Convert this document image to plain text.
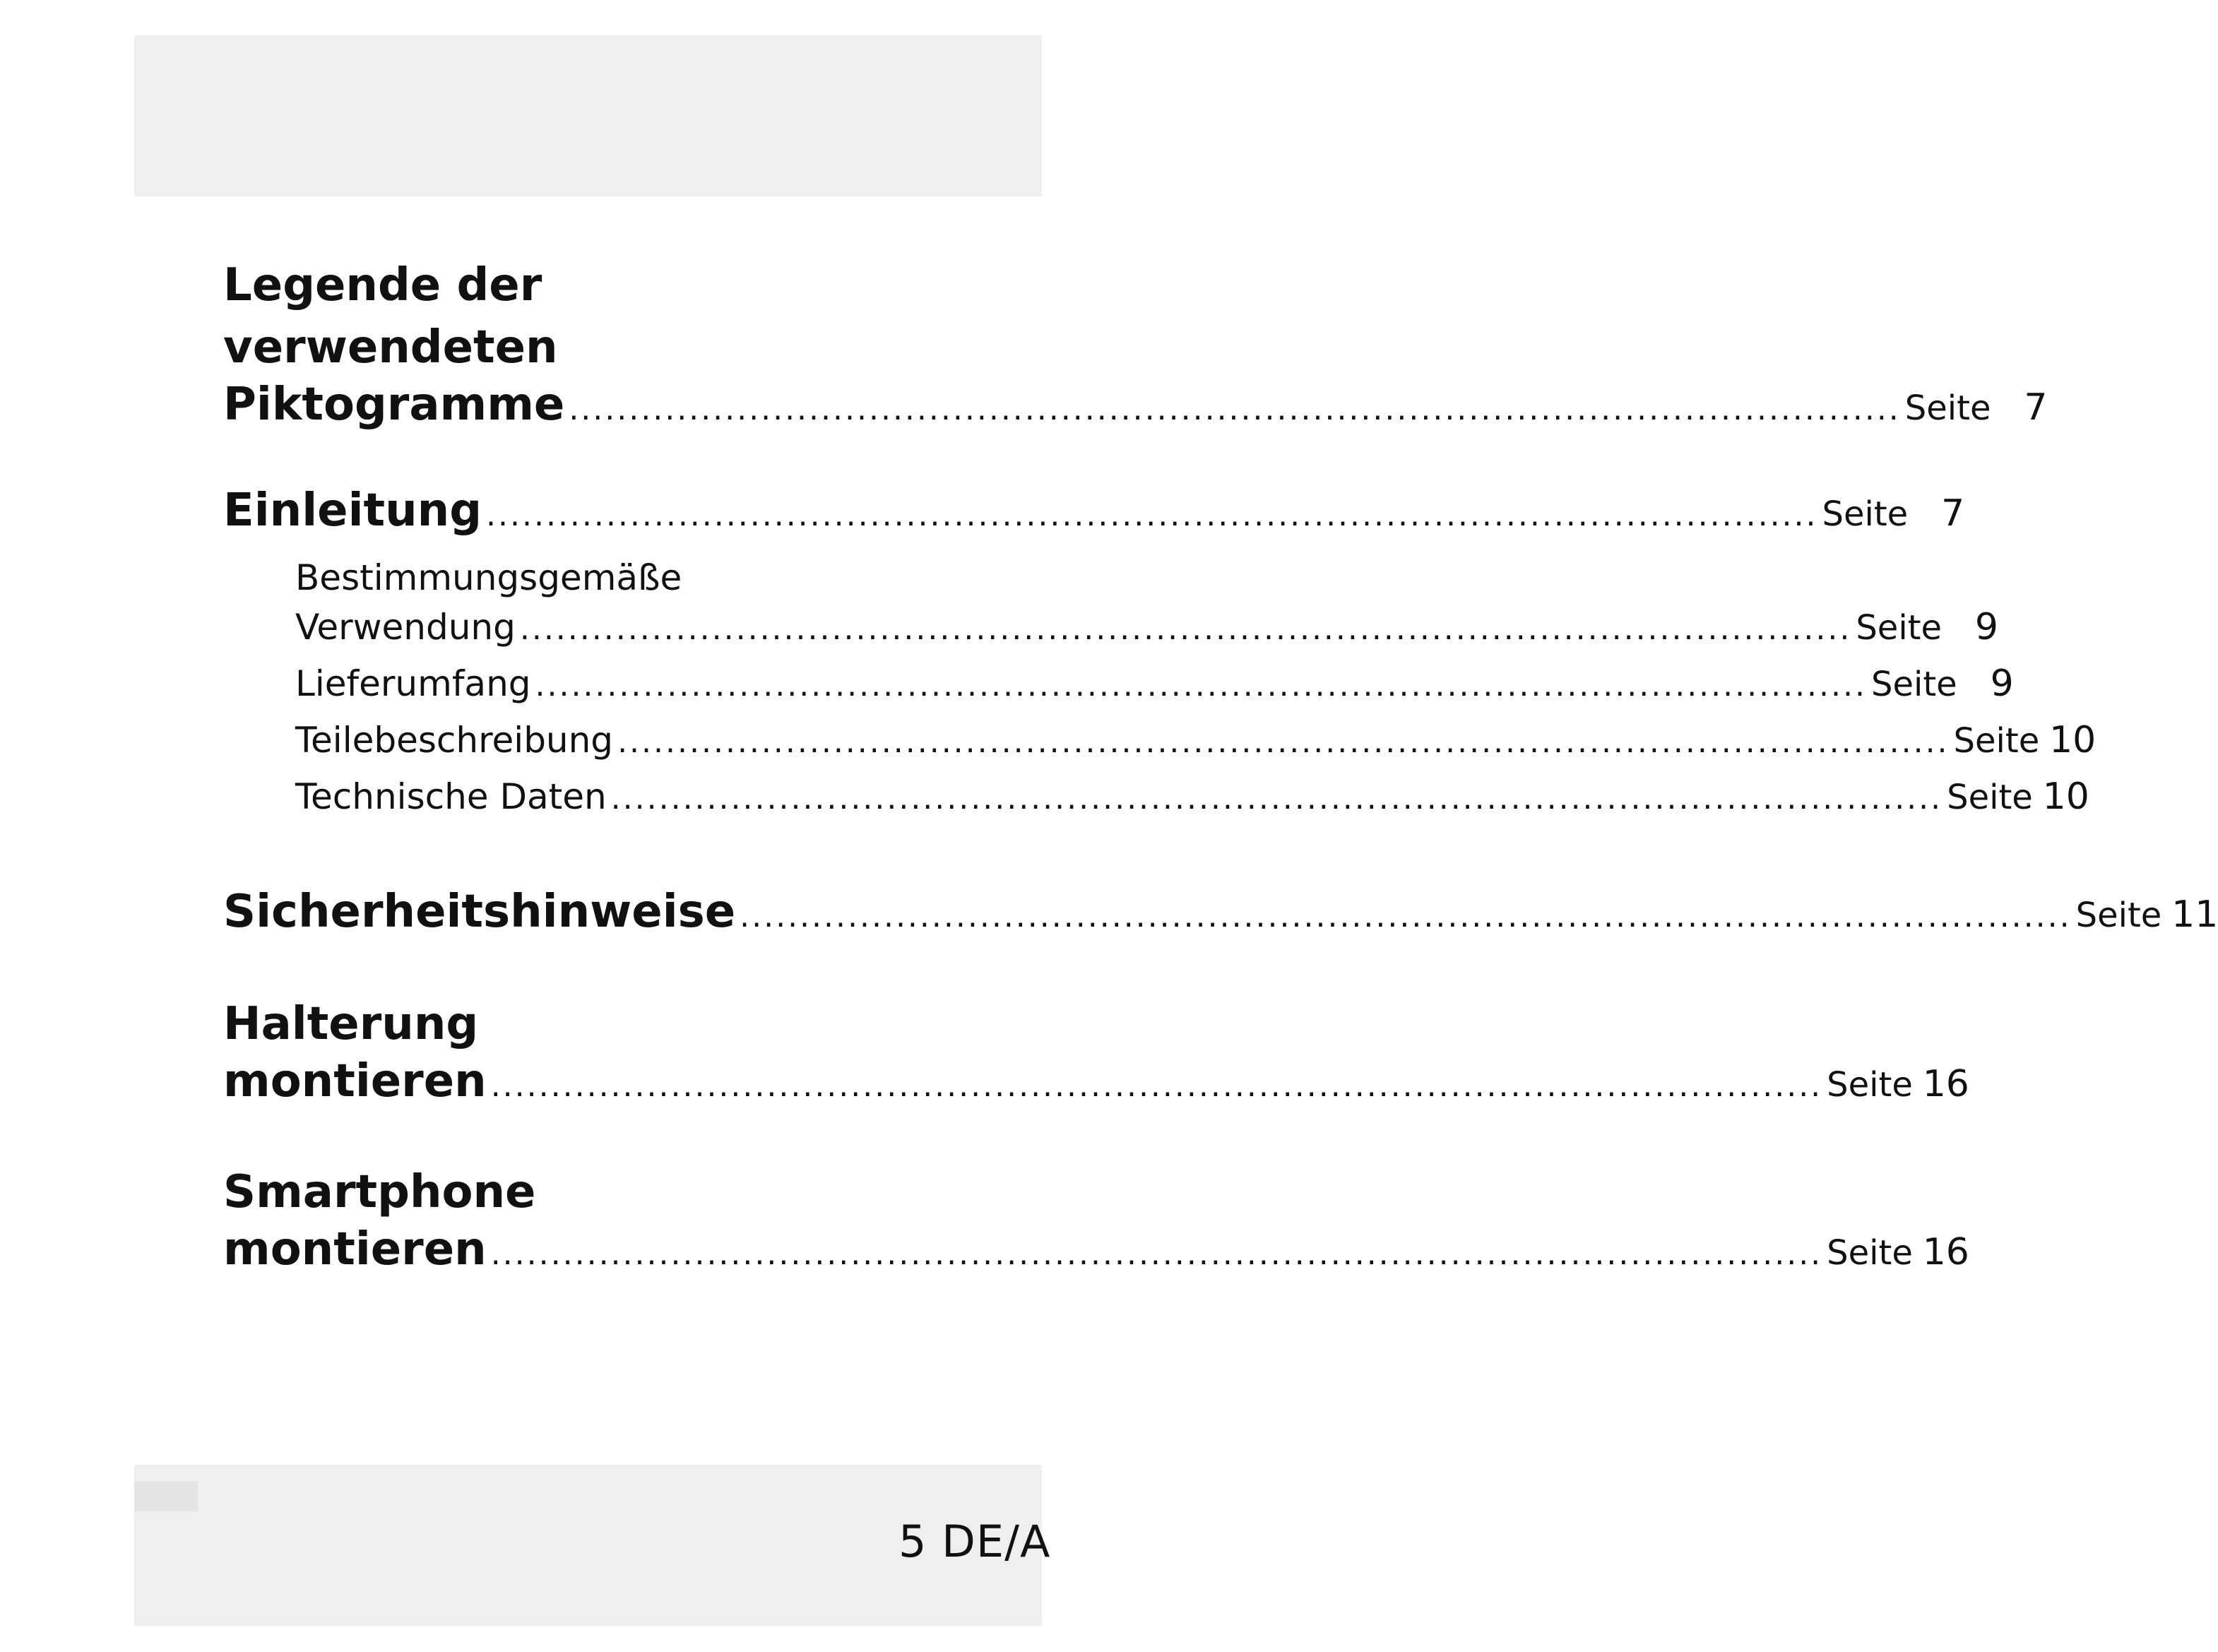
Legende der
verwendeten
Piktogramme ............................................................................................................... Seite 7
Einleitung ............................................................................................................... Seite 7
Bestimmungsgemäße
Verwendung ............................................................................................................... Seite 9
Lieferumfang ............................................................................................................... Seite 9
Teilebeschreibung ............................................................................................................... Seite 10
Technische Daten ............................................................................................................... Seite 10
Sicherheitshinweise ............................................................................................................... Seite 11
Halterung
montieren ............................................................................................................... Seite 16
Smartphone
montieren ............................................................................................................... Seite 16
5 DE/A
